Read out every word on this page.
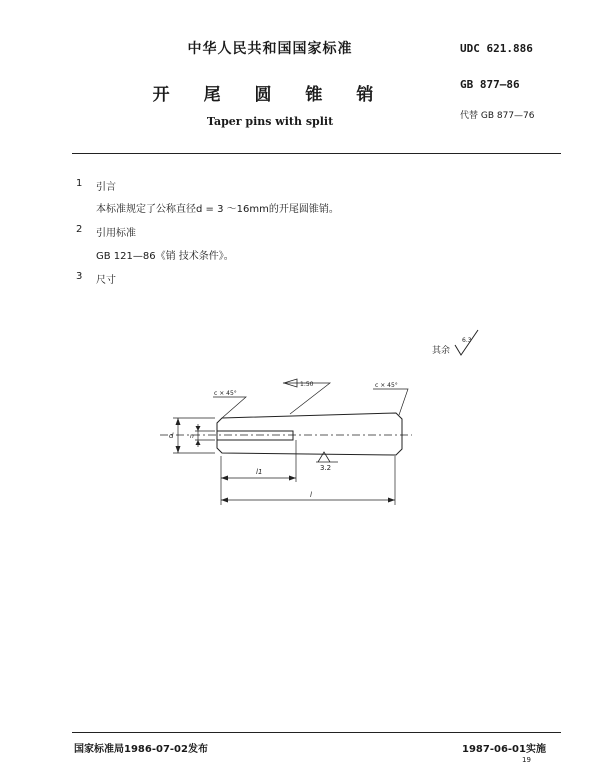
中华人民共和国国家标准	UDC 621.886
开 尾 圆 锥 销
GB 877—86
Taper pins with split	代替 GB 877—76
1 引言
本标准规定了公称直径d = 3 ～16mm的开尾圆锥销。
2 引用标准
GB 121—86《销 技术条件》。
3 尺寸
其余
6.3
c × 45°
1:50	c × 45°
3.2
d	n
l1
l
国家标准局1986-07-02发布	1987-06-01实施
19
